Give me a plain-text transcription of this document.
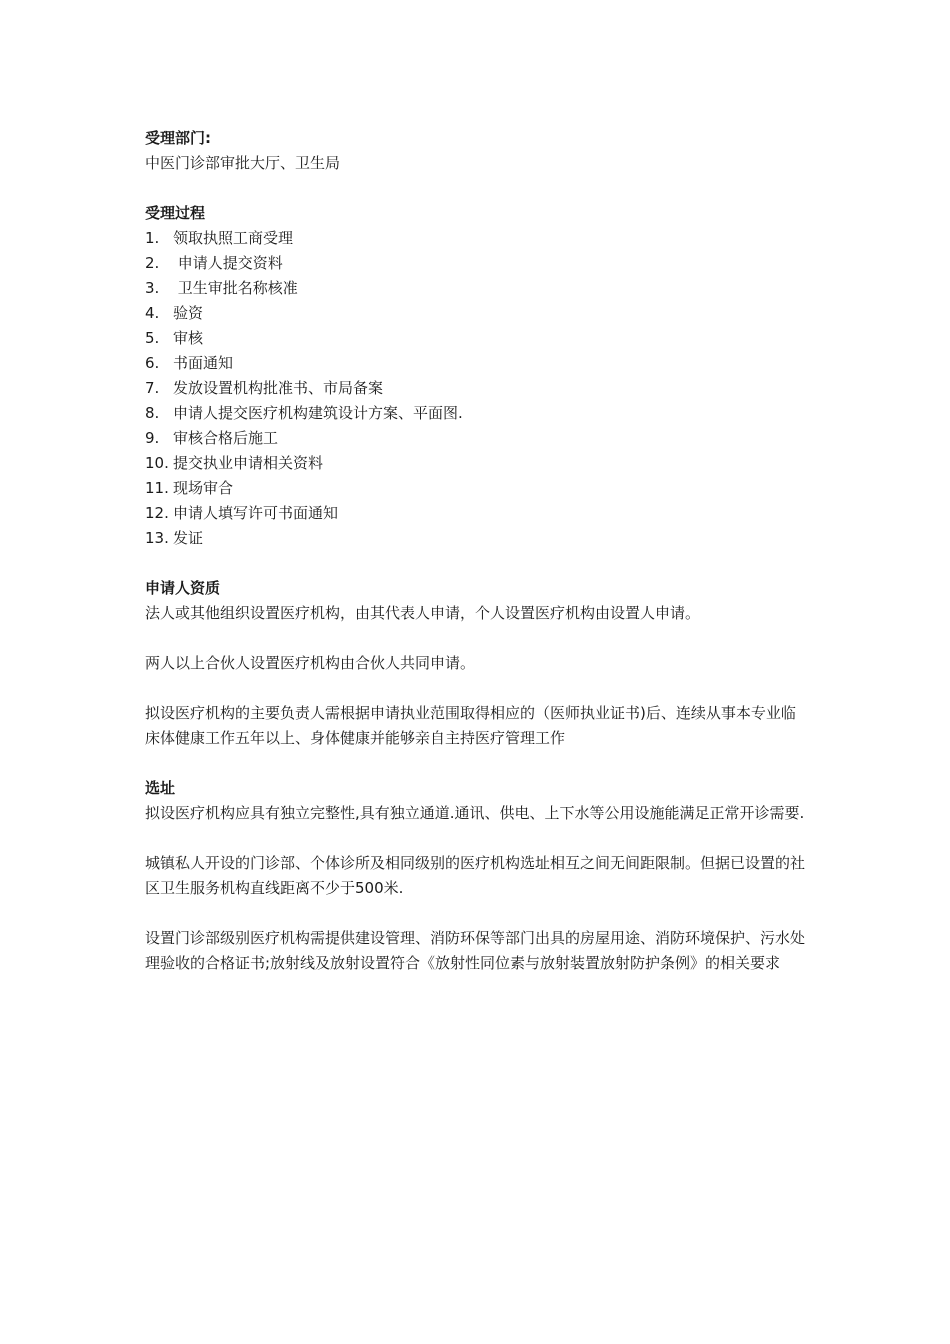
受理部门:

中医门诊部审批大厅、卫生局

受理过程

1. 领取执照工商受理
2. 申请人提交资料
3. 卫生审批名称核准
4. 验资
5. 审核
6. 书面通知
7. 发放设置机构批准书、市局备案
8. 申请人提交医疗机构建筑设计方案、平面图.
9. 审核合格后施工
10. 提交执业申请相关资料
11. 现场审合
12. 申请人填写许可书面通知
13. 发证

申请人资质

法人或其他组织设置医疗机构，由其代表人申请，个人设置医疗机构由设置人申请。

两人以上合伙人设置医疗机构由合伙人共同申请。

拟设医疗机构的主要负责人需根据申请执业范围取得相应的（医师执业证书)后、连续从事本专业临床体健康工作五年以上、身体健康并能够亲自主持医疗管理工作

选址

拟设医疗机构应具有独立完整性,具有独立通道.通讯、供电、上下水等公用设施能满足正常开诊需要.

城镇私人开设的门诊部、个体诊所及相同级别的医疗机构选址相互之间无间距限制。但据已设置的社区卫生服务机构直线距离不少于500米.

设置门诊部级别医疗机构需提供建设管理、消防环保等部门出具的房屋用途、消防环境保护、污水处理验收的合格证书;放射线及放射设置符合《放射性同位素与放射装置放射防护条例》的相关要求
